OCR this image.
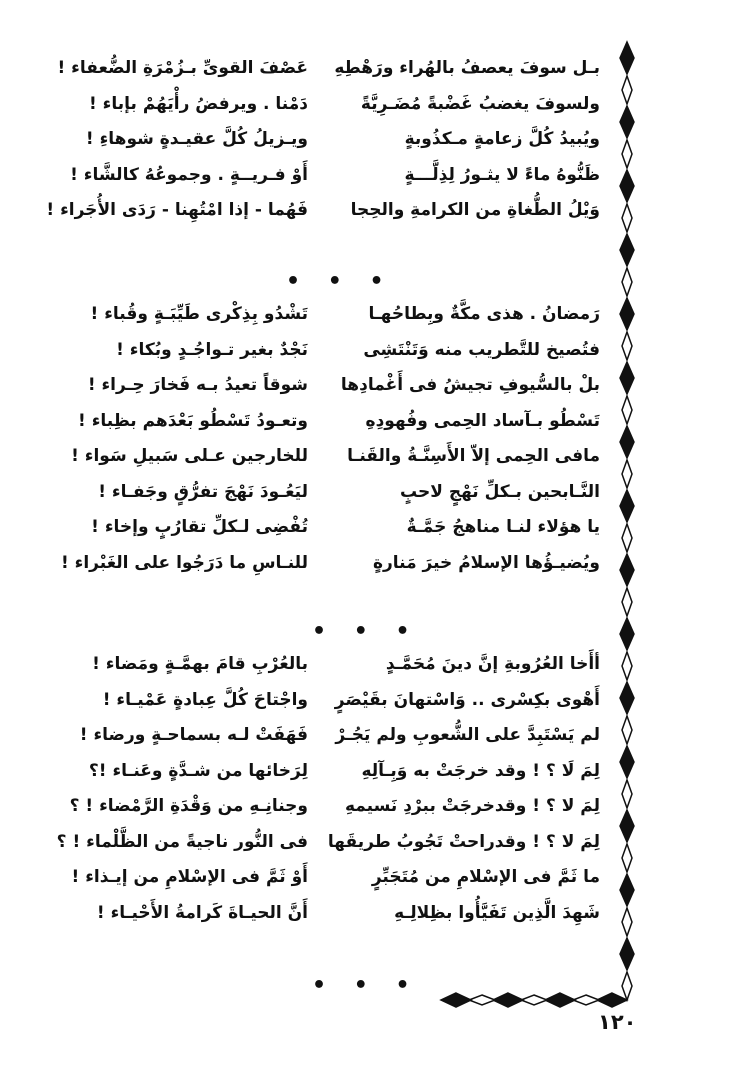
بـل سوفَ يعصفُ بالهُراء ورَهْطِهِ
عَصْفَ القوىِّ بـزُمْرَةِ الضُّعفاء !
ولسوفَ يغضبُ غَضْبةً مُضَـرِيَّةً
دَمْنا . ويرفضُ رأْيَهُمْ بإباء !
ويُبيدُ كُلَّ زعامةٍ مـكذُوبةٍ
ويـزيلُ كُلَّ عقيـدةٍ شوهاءِ !
ظَنُّوهُ ماءً لا يثـورُ لِذِلَّـــةٍ
أَوْ فـريــةٍ . وجموعُهُ كالشَّاء !
وَيْلُ الطُّغاةِ من الكرامةِ والحِجا
فَهُما - إذا امْتُهِنا - رَدَى الأُجَراء !
• • •
رَمضانُ . هذى مكَّةٌ وبِطاحُهـا
تَشْدُو بِذِكْرى طَيِّبَـةٍ وقُباء !
فتُصيخ للتَّطريب منه وَتَنْتَشِى
نَجْدٌ بغير تـواجُـدٍ وبُكاء !
بلْ بالسُّيوفِ تجيشُ فى أَغْمادِها
شوقاً تعيدُ بـه فَخارَ حِـراء !
تَسْطُو بـآساد الحِمى وفُهودِهِ
وتعـودُ تَسْطُو بَعْدَهم بظِباء !
مافى الحِمى إلاّ الأَسِنَّـةُ والقَنـا
للخارجين عـلى سَبيلِ سَواء !
النَّـابحين بـكلِّ نَهْجٍ لاحبٍ
ليَعُـودَ نَهْجَ تفرُّقٍ وجَفـاء !
يا هؤلاء لنـا مناهجُ جَمَّـةٌ
تُفْضِى لـكلِّ تقارُبٍ وإخاء !
ويُضيـؤُها الإسلامُ خيرَ مَنارةٍ
للنـاسِ ما دَرَجُوا على الغَبْراء !
• • •
أأَخا العُرُوبةِ إنَّ دينَ مُحَمَّـدٍ
بالعُرْبِ قامَ بهمَّـةٍ ومَضاء !
أَهْوى بكِسْرى .. وَاسْتهانَ بقَيْصَرٍ
واجْتاحَ كُلَّ عِبادةٍ عَمْيـاء !
لم يَسْتَبِدَّ على الشُّعوبِ ولم يَجُـرْ
فَهَفَتْ لـه بسماحـةٍ ورضاء !
لِمَ لَا ؟ ! وقد خرجَتْ به وَبِـآلِهِ
لِرَخائها من شـدَّةٍ وعَنـاء !؟
لِمَ لا ؟ ! وقدخرجَتْ ببرْدِ نَسيمهِ
وجنانِـهِ من وَقْدَةِ الرَّمْضاء ! ؟
لِمَ لا ؟ ! وقدراحتْ تَجُوبُ طريقَها
فى النُّور ناجيةً من الظَّلْماء ! ؟
ما ثَمَّ فى الإسْلامِ من مُتَجَبِّرٍ
أَوْ ثَمَّ فى الإسْلامِ من إيـذاء !
شَهِدَ الَّذِين تَفَيَّأُوا بظِلالِـهِ
أَنَّ الحيـاةَ كَرامةُ الأَحْيـاء !
• • •
١٢٠
